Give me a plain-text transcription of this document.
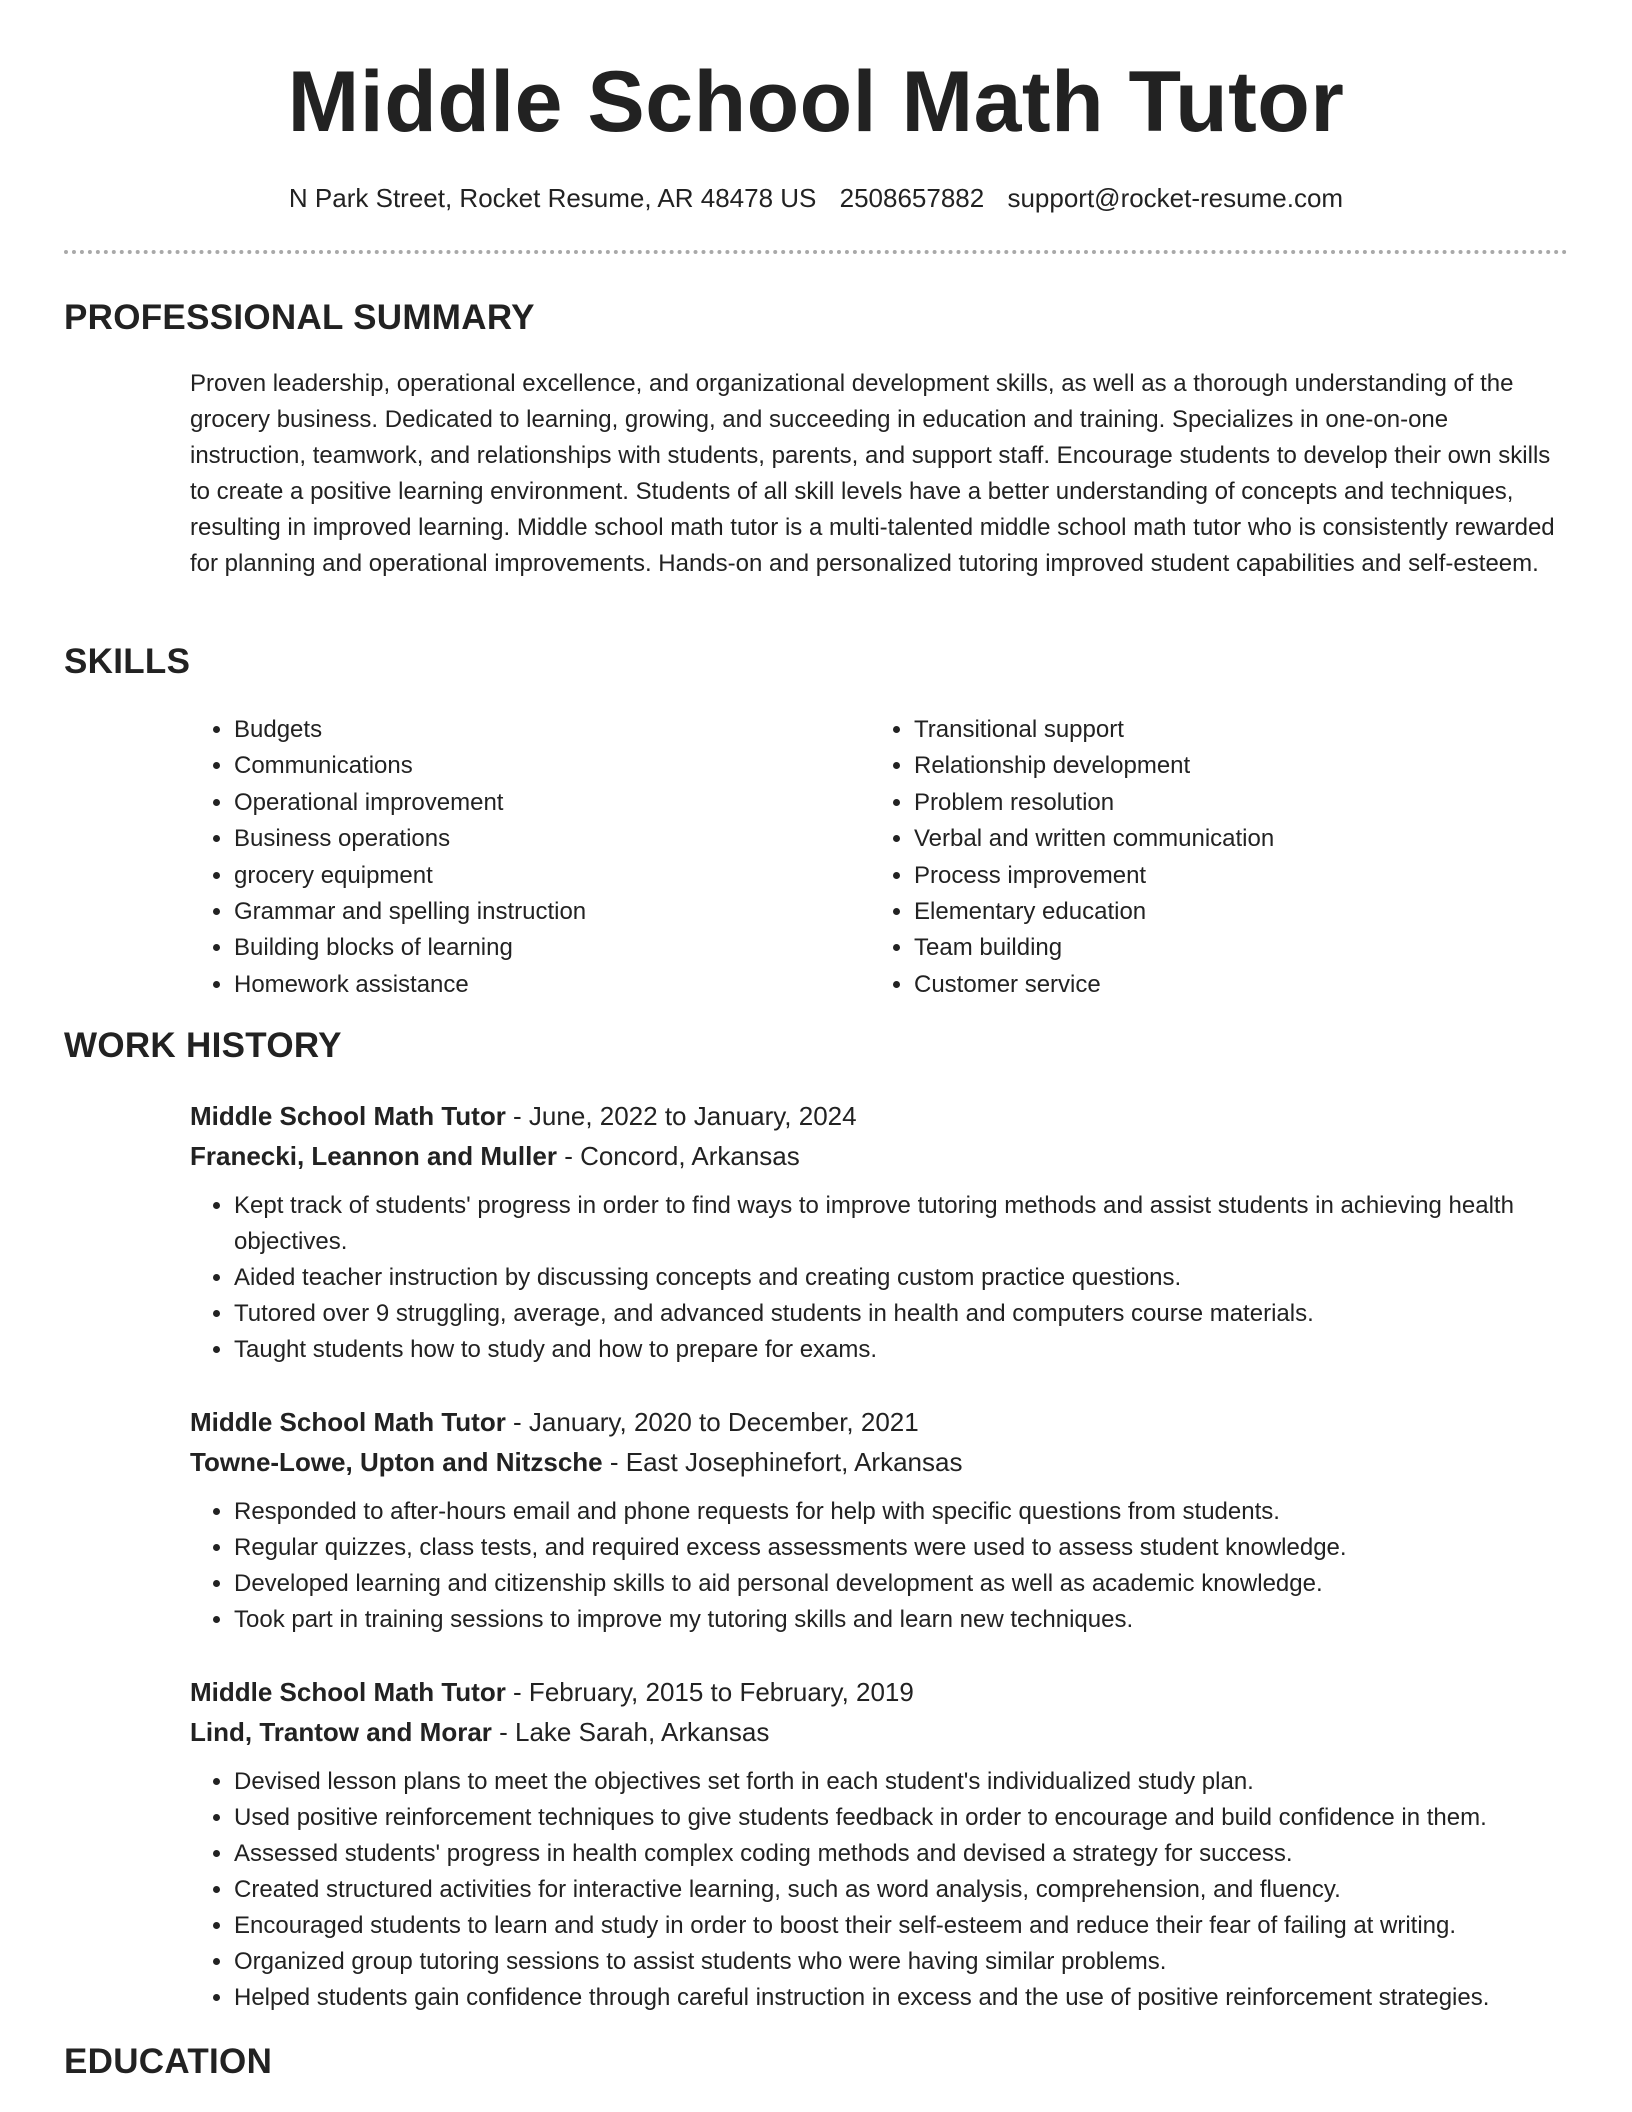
Middle School Math Tutor
N Park Street, Rocket Resume, AR 48478 US 2508657882 support@rocket-resume.com
PROFESSIONAL SUMMARY

Proven leadership, operational excellence, and organizational development skills, as well as a thorough understanding of the grocery business. Dedicated to learning, growing, and succeeding in education and training. Specializes in one-on-one instruction, teamwork, and relationships with students, parents, and support staff. Encourage students to develop their own skills to create a positive learning environment. Students of all skill levels have a better understanding of concepts and techniques, resulting in improved learning. Middle school math tutor is a multi-talented middle school math tutor who is consistently rewarded for planning and operational improvements. Hands-on and personalized tutoring improved student capabilities and self-esteem.

SKILLS
• Budgets
• Communications
• Operational improvement
• Business operations
• grocery equipment
• Grammar and spelling instruction
• Building blocks of learning
• Homework assistance
• Transitional support
• Relationship development
• Problem resolution
• Verbal and written communication
• Process improvement
• Elementary education
• Team building
• Customer service
WORK HISTORY
Middle School Math Tutor - June, 2022 to January, 2024
Franecki, Leannon and Muller - Concord, Arkansas
• Kept track of students' progress in order to find ways to improve tutoring methods and assist students in achieving health objectives.
• Aided teacher instruction by discussing concepts and creating custom practice questions.
• Tutored over 9 struggling, average, and advanced students in health and computers course materials.
• Taught students how to study and how to prepare for exams.
Middle School Math Tutor - January, 2020 to December, 2021
Towne-Lowe, Upton and Nitzsche - East Josephinefort, Arkansas
• Responded to after-hours email and phone requests for help with specific questions from students.
• Regular quizzes, class tests, and required excess assessments were used to assess student knowledge.
• Developed learning and citizenship skills to aid personal development as well as academic knowledge.
• Took part in training sessions to improve my tutoring skills and learn new techniques.
Middle School Math Tutor - February, 2015 to February, 2019
Lind, Trantow and Morar - Lake Sarah, Arkansas
• Devised lesson plans to meet the objectives set forth in each student's individualized study plan.
• Used positive reinforcement techniques to give students feedback in order to encourage and build confidence in them.
• Assessed students' progress in health complex coding methods and devised a strategy for success.
• Created structured activities for interactive learning, such as word analysis, comprehension, and fluency.
• Encouraged students to learn and study in order to boost their self-esteem and reduce their fear of failing at writing.
• Organized group tutoring sessions to assist students who were having similar problems.
• Helped students gain confidence through careful instruction in excess and the use of positive reinforcement strategies.
EDUCATION
